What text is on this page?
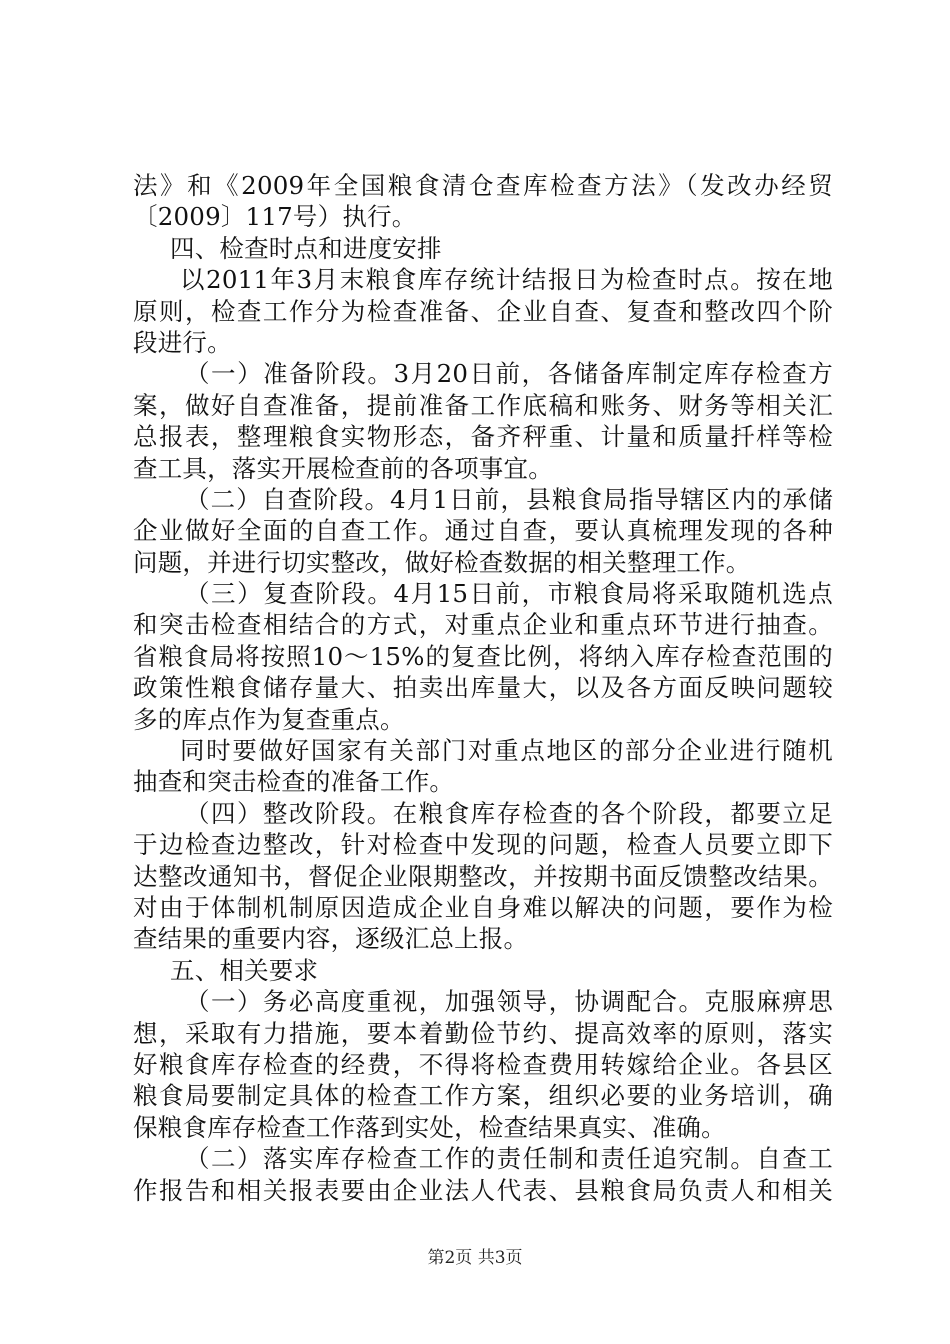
法》和《2009年全国粮食清仓查库检查方法》（发改办经贸
〔2009〕117号）执行。
四、检查时点和进度安排
以2011年3月末粮食库存统计结报日为检查时点。按在地
原则，检查工作分为检查准备、企业自查、复查和整改四个阶
段进行。
（一）准备阶段。3月20日前，各储备库制定库存检查方
案，做好自查准备，提前准备工作底稿和账务、财务等相关汇
总报表，整理粮食实物形态，备齐秤重、计量和质量扦样等检
查工具，落实开展检查前的各项事宜。
（二）自查阶段。4月1日前，县粮食局指导辖区内的承储
企业做好全面的自查工作。通过自查，要认真梳理发现的各种
问题，并进行切实整改，做好检查数据的相关整理工作。
（三）复查阶段。4月15日前，市粮食局将采取随机选点
和突击检查相结合的方式，对重点企业和重点环节进行抽查。
省粮食局将按照10～15%的复查比例，将纳入库存检查范围的
政策性粮食储存量大、拍卖出库量大，以及各方面反映问题较
多的库点作为复查重点。
同时要做好国家有关部门对重点地区的部分企业进行随机
抽查和突击检查的准备工作。
（四）整改阶段。在粮食库存检查的各个阶段，都要立足
于边检查边整改，针对检查中发现的问题，检查人员要立即下
达整改通知书，督促企业限期整改，并按期书面反馈整改结果。
对由于体制机制原因造成企业自身难以解决的问题，要作为检
查结果的重要内容，逐级汇总上报。
五、相关要求
（一）务必高度重视，加强领导，协调配合。克服麻痹思
想，采取有力措施，要本着勤俭节约、提高效率的原则，落实
好粮食库存检查的经费，不得将检查费用转嫁给企业。各县区
粮食局要制定具体的检查工作方案，组织必要的业务培训，确
保粮食库存检查工作落到实处，检查结果真实、准确。
（二）落实库存检查工作的责任制和责任追究制。自查工
作报告和相关报表要由企业法人代表、县粮食局负责人和相关
第2页 共3页
